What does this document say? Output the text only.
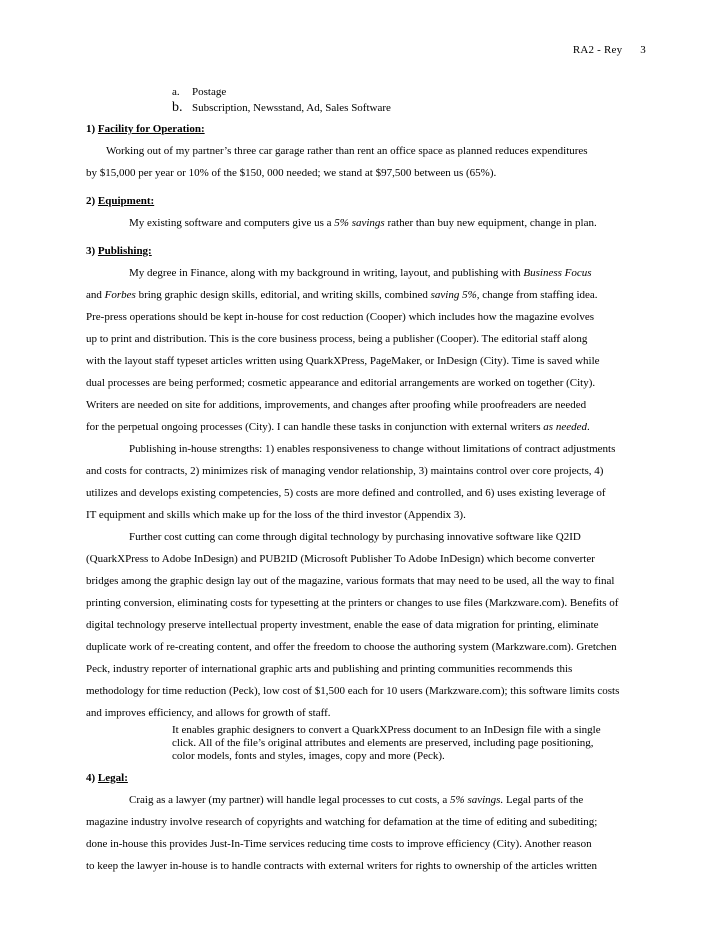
RA2 - Rey 3
a. Postage
b. Subscription, Newsstand, Ad, Sales Software
1) Facility for Operation:
Working out of my partner’s three car garage rather than rent an office space as planned reduces expenditures
by $15,000 per year or 10% of the $150, 000 needed; we stand at $97,500 between us (65%).
2) Equipment:
My existing software and computers give us a 5% savings rather than buy new equipment, change in plan.
3) Publishing:
My degree in Finance, along with my background in writing, layout, and publishing with Business Focus
and Forbes bring graphic design skills, editorial, and writing skills, combined saving 5%, change from staffing idea.
Pre-press operations should be kept in-house for cost reduction (Cooper) which includes how the magazine evolves
up to print and distribution. This is the core business process, being a publisher (Cooper). The editorial staff along
with the layout staff typeset articles written using QuarkXPress, PageMaker, or InDesign (City). Time is saved while
dual processes are being performed; cosmetic appearance and editorial arrangements are worked on together (City).
Writers are needed on site for additions, improvements, and changes after proofing while proofreaders are needed
for the perpetual ongoing processes (City). I can handle these tasks in conjunction with external writers as needed.
Publishing in-house strengths: 1) enables responsiveness to change without limitations of contract adjustments
and costs for contracts, 2) minimizes risk of managing vendor relationship, 3) maintains control over core projects, 4)
utilizes and develops existing competencies, 5) costs are more defined and controlled, and 6) uses existing leverage of
IT equipment and skills which make up for the loss of the third investor (Appendix 3).
Further cost cutting can come through digital technology by purchasing innovative software like Q2ID
(QuarkXPress to Adobe InDesign) and PUB2ID (Microsoft Publisher To Adobe InDesign) which become converter
bridges among the graphic design lay out of the magazine, various formats that may need to be used, all the way to final
printing conversion, eliminating costs for typesetting at the printers or changes to use files (Markzware.com). Benefits of
digital technology preserve intellectual property investment, enable the ease of data migration for printing, eliminate
duplicate work of re-creating content, and offer the freedom to choose the authoring system (Markzware.com). Gretchen
Peck, industry reporter of international graphic arts and publishing and printing communities recommends this
methodology for time reduction (Peck), low cost of $1,500 each for 10 users (Markzware.com); this software limits costs
and improves efficiency, and allows for growth of staff.
It enables graphic designers to convert a QuarkXPress document to an InDesign file with a single
click. All of the file’s original attributes and elements are preserved, including page positioning,
color models, fonts and styles, images, copy and more (Peck).
4) Legal:
Craig as a lawyer (my partner) will handle legal processes to cut costs, a 5% savings. Legal parts of the
magazine industry involve research of copyrights and watching for defamation at the time of editing and subediting;
done in-house this provides Just-In-Time services reducing time costs to improve efficiency (City). Another reason
to keep the lawyer in-house is to handle contracts with external writers for rights to ownership of the articles written
